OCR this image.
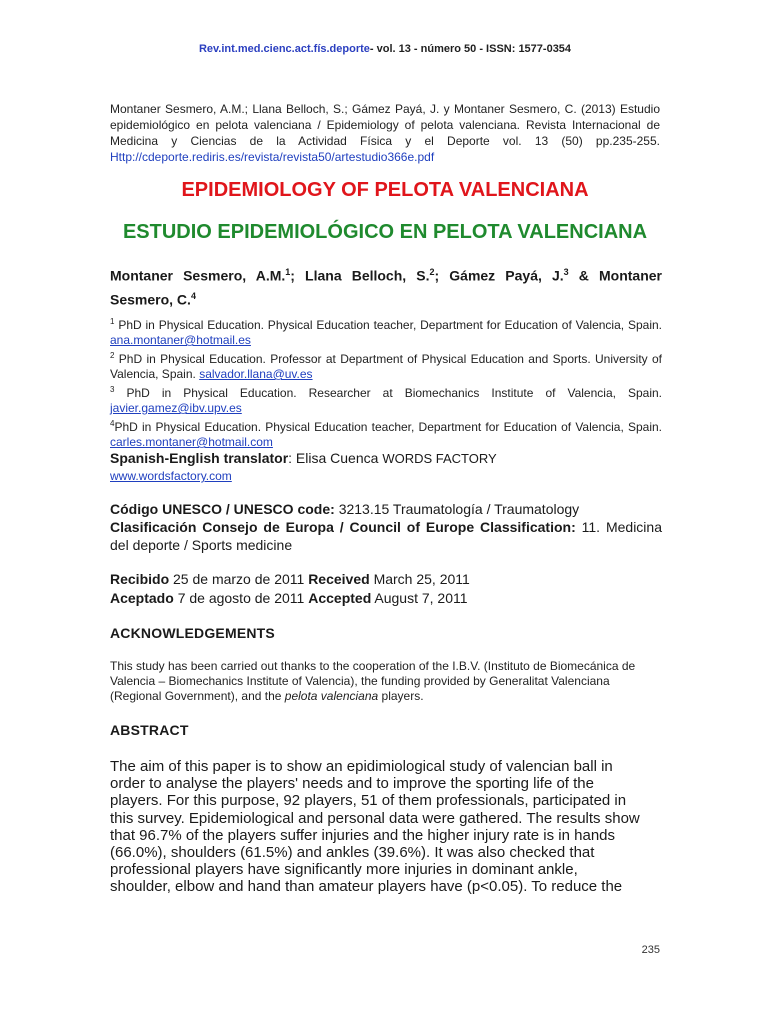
Rev.int.med.cienc.act.fís.deporte- vol. 13 - número 50 - ISSN: 1577-0354
Montaner Sesmero, A.M.; Llana Belloch, S.; Gámez Payá, J. y Montaner Sesmero, C. (2013) Estudio epidemiológico en pelota valenciana / Epidemiology of pelota valenciana. Revista Internacional de Medicina y Ciencias de la Actividad Física y el Deporte vol. 13 (50) pp.235-255. Http://cdeporte.rediris.es/revista/revista50/artestudio366e.pdf
EPIDEMIOLOGY OF PELOTA VALENCIANA
ESTUDIO EPIDEMIOLÓGICO EN PELOTA VALENCIANA
Montaner Sesmero, A.M.$^1$; Llana Belloch, S.$^2$; Gámez Payá, J.$^3$ & Montaner Sesmero, C.$^4$
$^1$ PhD in Physical Education. Physical Education teacher, Department for Education of Valencia, Spain. ana.montaner@hotmail.es
$^2$ PhD in Physical Education. Professor at Department of Physical Education and Sports. University of Valencia, Spain. salvador.llana@uv.es
$^3$ PhD in Physical Education. Researcher at Biomechanics Institute of Valencia, Spain. javier.gamez@ibv.upv.es
$^4$PhD in Physical Education. Physical Education teacher, Department for Education of Valencia, Spain. carles.montaner@hotmail.com
Spanish-English translator: Elisa Cuenca WORDS FACTORY
www.wordsfactory.com
Código UNESCO / UNESCO code: 3213.15 Traumatología / Traumatology
Clasificación Consejo de Europa / Council of Europe Classification: 11. Medicina del deporte / Sports medicine
Recibido 25 de marzo de 2011 Received March 25, 2011
Aceptado 7 de agosto de 2011 Accepted August 7, 2011
ACKNOWLEDGEMENTS
This study has been carried out thanks to the cooperation of the I.B.V. (Instituto de Biomecánica de Valencia – Biomechanics Institute of Valencia), the funding provided by Generalitat Valenciana (Regional Government), and the pelota valenciana players.
ABSTRACT
The aim of this paper is to show an epidimiological study of valencian ball in order to analyse the players' needs and to improve the sporting life of the players. For this purpose, 92 players, 51 of them professionals, participated in this survey. Epidemiological and personal data were gathered. The results show that 96.7% of the players suffer injuries and the higher injury rate is in hands (66.0%), shoulders (61.5%) and ankles (39.6%). It was also checked that professional players have significantly more injuries in dominant ankle, shoulder, elbow and hand than amateur players have (p<0.05). To reduce the
235
